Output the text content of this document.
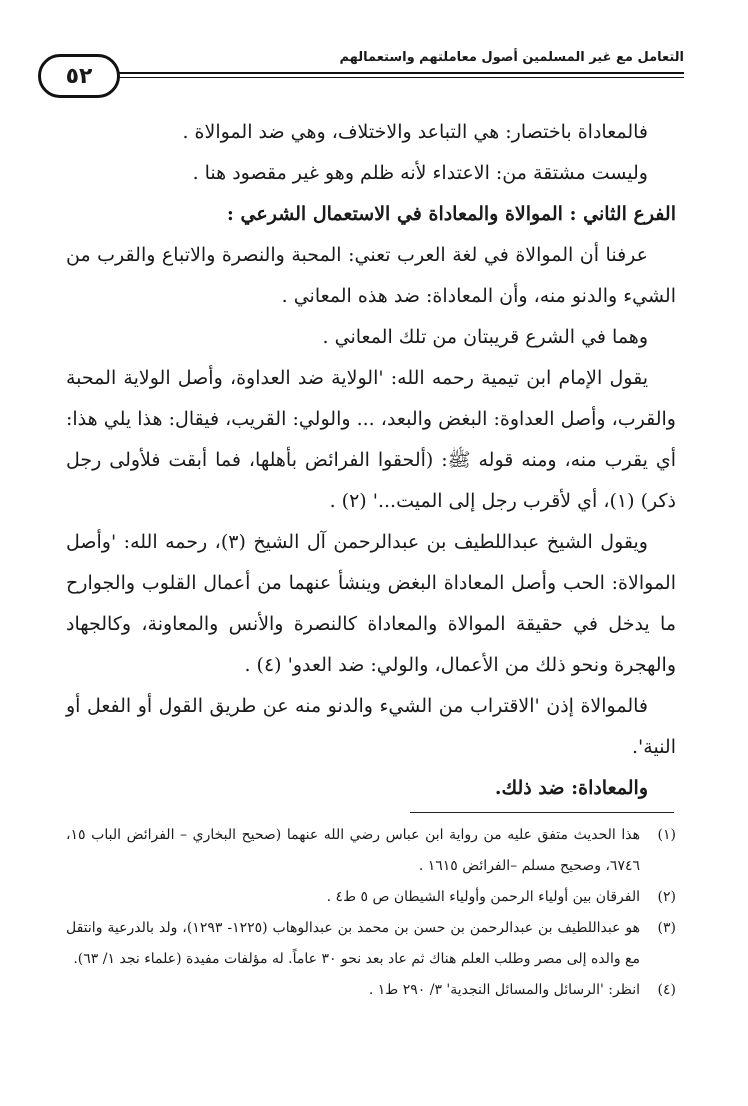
التعامل مع غير المسلمين أصول معاملتهم واستعمالهم
٥٢

فالمعاداة باختصار: هي التباعد والاختلاف، وهي ضد الموالاة .

وليست مشتقة من: الاعتداء لأنه ظلم وهو غير مقصود هنا .

الفرع الثاني : الموالاة والمعاداة في الاستعمال الشرعي :

عرفنا أن الموالاة في لغة العرب تعني: المحبة والنصرة والاتباع والقرب من الشيء والدنو منه، وأن المعاداة: ضد هذه المعاني .

وهما في الشرع قريبتان من تلك المعاني .

يقول الإمام ابن تيمية رحمه الله: 'الولاية ضد العداوة، وأصل الولاية المحبة والقرب، وأصل العداوة: البغض والبعد، ... والولي: القريب، فيقال: هذا يلي هذا: أي يقرب منه، ومنه قوله ﷺ: (ألحقوا الفرائض بأهلها، فما أبقت فلأولى رجل ذكر) (١)، أي لأقرب رجل إلى الميت...' (٢) .

ويقول الشيخ عبداللطيف بن عبدالرحمن آل الشيخ (٣)، رحمه الله: 'وأصل الموالاة: الحب وأصل المعاداة البغض وينشأ عنهما من أعمال القلوب والجوارح ما يدخل في حقيقة الموالاة والمعاداة كالنصرة والأنس والمعاونة، وكالجهاد والهجرة ونحو ذلك من الأعمال، والولي: ضد العدو' (٤) .

فالموالاة إذن 'الاقتراب من الشيء والدنو منه عن طريق القول أو الفعل أو النية'.

والمعاداة: ضد ذلك.

(١)
هذا الحديث متفق عليه من رواية ابن عباس رضي الله عنهما (صحيح البخاري – الفرائض الباب ١٥، ٦٧٤٦، وصحيح مسلم –الفرائض ١٦١٥ .
(٢)
الفرقان بين أولياء الرحمن وأولياء الشيطان ص ٥ ط٤ .
(٣)
هو عبداللطيف بن عبدالرحمن بن حسن بن محمد بن عبدالوهاب (١٢٢٥- ١٢٩٣)، ولد بالدرعية وانتقل مع والده إلى مصر وطلب العلم هناك ثم عاد بعد نحو ٣٠ عاماً. له مؤلفات مفيدة (علماء نجد ١/ ٦٣).
(٤)
انظر: 'الرسائل والمسائل النجدية' ٣/ ٢٩٠ ط١ .
